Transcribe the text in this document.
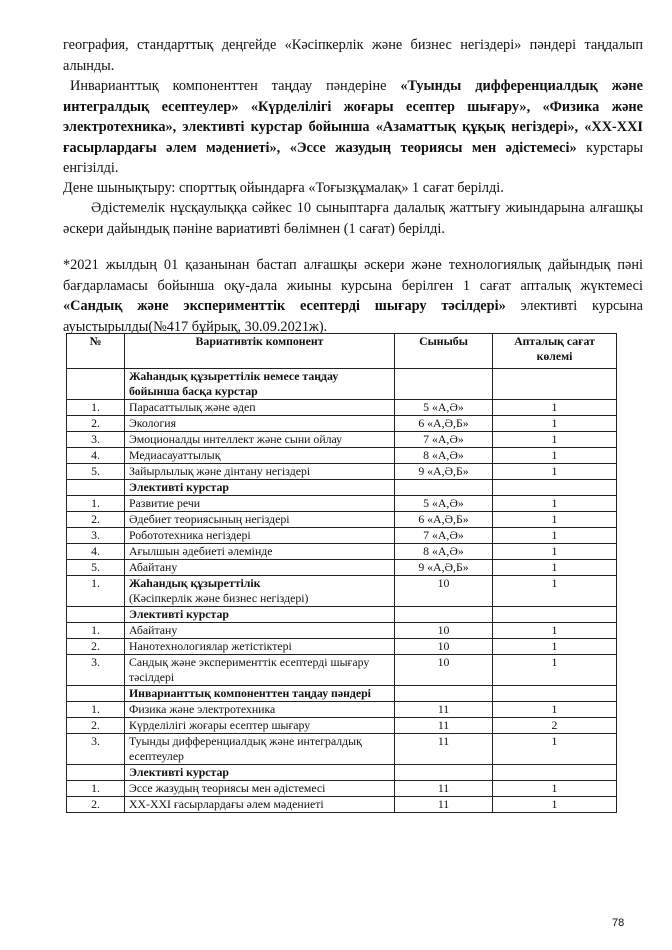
география, стандарттық деңгейде «Кәсіпкерлік және бизнес негіздері» пәндері таңдалып алынды.

Инварианттық компоненттен таңдау пәндеріне «Туынды дифференциалдық және интегралдық есептеулер» «Күрделілігі жоғары есептер шығару», «Физика және электротехника», элективті курстар бойынша «Азаматтық құқық негіздері», «XX-XXI ғасырлардағы әлем мәдениеті», «Эссе жазудың теориясы мен әдістемесі» курстары енгізілді.

Дене шынықтыру: спорттық ойындарға «Тоғызқұмалақ» 1 сағат берілді.

Әдістемелік нұсқаулыққа сәйкес 10 сыныптарға далалық жаттығу жиындарына алғашқы әскери дайындық пәніне вариативті бөлімнен (1 сағат) берілді.

*2021 жылдың 01 қазанынан бастап алғашқы әскери және технологиялық дайындық пәні бағдарламасы бойынша оқу-дала жиыны курсына берілген 1 сағат апталық жүктемесі «Сандық және эксперименттік есептерді шығару тәсілдері» элективті курсына ауыстырылды(№417 бұйрық, 30.09.2021ж).

№	Вариативтік компонент	Сыныбы	Апталық сағат көлемі
	Жаһандық құзыреттілік немесе таңдау бойынша басқа курстар		
1.	Парасаттылық және әдеп	5 «А,Ә»	1
2.	Экология	6 «А,Ә,Б»	1
3.	Эмоционалды интеллект және сыни ойлау	7 «А,Ә»	1
4.	Медиасауаттылық	8 «А,Ә»	1
5.	Зайырлылық және дінтану негіздері	9 «А,Ә,Б»	1
	Элективті курстар		
1.	Развитие речи	5 «А,Ә»	1
2.	Әдебиет теориясының негіздері	6 «А,Ә,Б»	1
3.	Робототехника негіздері	7 «А,Ә»	1
4.	Ағылшын әдебиеті әлемінде	8 «А,Ә»	1
5.	Абайтану	9 «А,Ә,Б»	1
1.	Жаһандық құзыреттілік
(Кәсіпкерлік және бизнес негіздері)	10	1
	Элективті курстар		
1.	Абайтану	10	1
2.	Нанотехнологиялар жетістіктері	10	1
3.	Сандық және эксперименттік есептерді шығару тәсілдері	10	1
	Инварианттық компоненттен таңдау пәндері		
1.	Физика және электротехника	11	1
2.	Күрделілігі жоғары есептер шығару	11	2
3.	Туынды дифференциалдық және интегралдық есептеулер	11	1
	Элективті курстар		
1.	Эссе жазудың теориясы мен әдістемесі	11	1
2.	XX-XXI ғасырлардағы әлем мәдениеті	11	1
78
